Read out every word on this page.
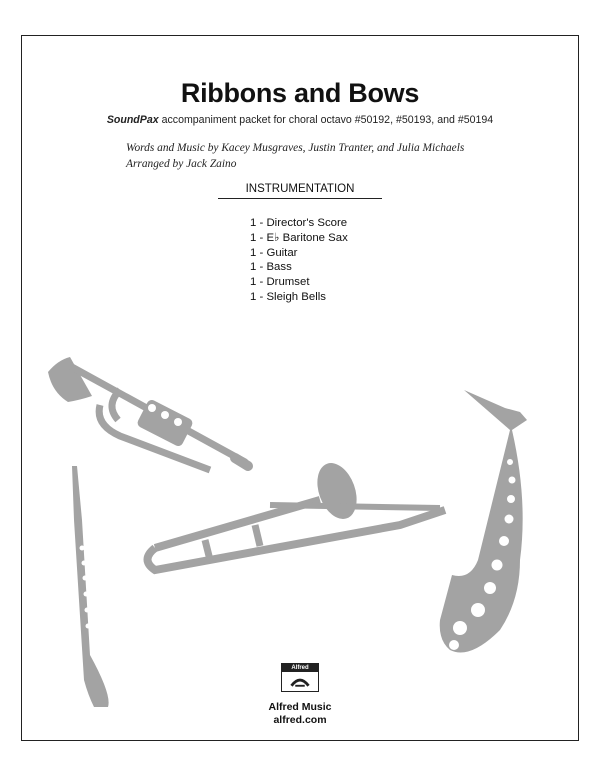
Ribbons and Bows
SoundPax accompaniment packet for choral octavo #50192, #50193, and #50194
Words and Music by Kacey Musgraves, Justin Tranter, and Julia Michaels
Arranged by Jack Zaino
INSTRUMENTATION
1 - Director's Score
1 - E♭ Baritone Sax
1 - Guitar
1 - Bass
1 - Drumset
1 - Sleigh Bells
Alfred
Alfred Music
alfred.com
